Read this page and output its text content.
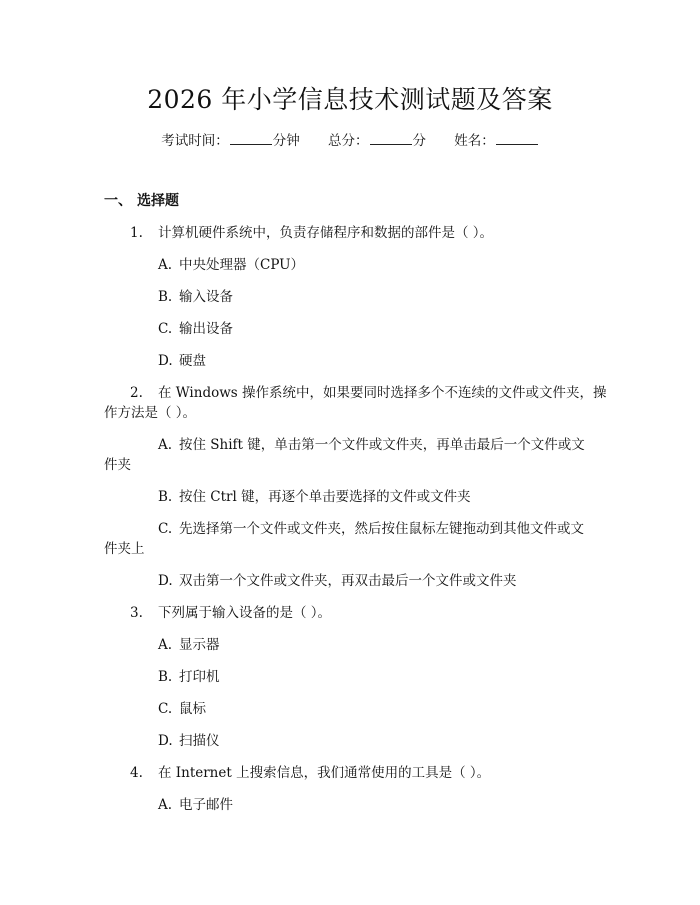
2026 年小学信息技术测试题及答案
考试时间：	分钟 总分：	分 姓名：
一、 选择题
1. 计算机硬件系统中，负责存储程序和数据的部件是（ ）。
A. 中央处理器（CPU）
B. 输入设备
C. 输出设备
D. 硬盘
2. 在 Windows 操作系统中，如果要同时选择多个不连续的文件或文件夹，操
作方法是（ ）。
A. 按住 Shift 键，单击第一个文件或文件夹，再单击最后一个文件或文
件夹
B. 按住 Ctrl 键，再逐个单击要选择的文件或文件夹
C. 先选择第一个文件或文件夹，然后按住鼠标左键拖动到其他文件或文
件夹上
D. 双击第一个文件或文件夹，再双击最后一个文件或文件夹
3. 下列属于输入设备的是（ ）。
A. 显示器
B. 打印机
C. 鼠标
D. 扫描仪
4. 在 Internet 上搜索信息，我们通常使用的工具是（ ）。
A. 电子邮件
